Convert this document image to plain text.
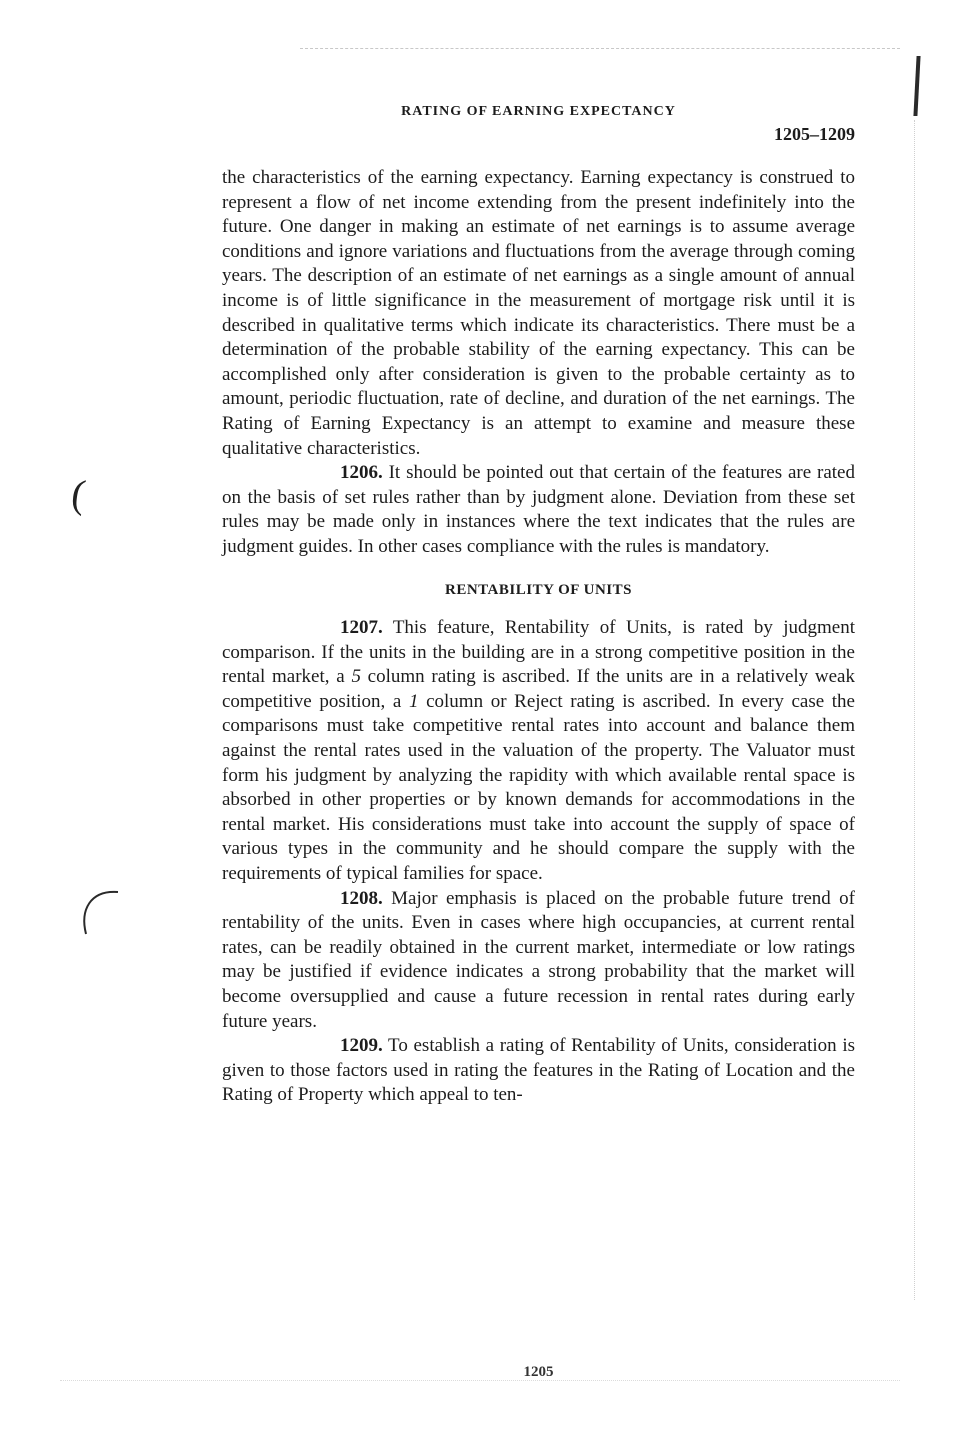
(
RATING OF EARNING EXPECTANCY
1205–1209

the characteristics of the earning expectancy. Earning expectancy is construed to represent a flow of net income extending from the present indefinitely into the future. One danger in making an estimate of net earnings is to assume average conditions and ignore variations and fluctuations from the average through coming years. The description of an estimate of net earnings as a single amount of annual income is of little significance in the measurement of mortgage risk until it is described in qualitative terms which indicate its characteristics. There must be a determination of the probable stability of the earning expectancy. This can be accomplished only after consideration is given to the probable certainty as to amount, periodic fluctuation, rate of decline, and duration of the net earnings. The Rating of Earning Expectancy is an attempt to examine and measure these qualitative characteristics.

1206. It should be pointed out that certain of the features are rated on the basis of set rules rather than by judgment alone. Deviation from these set rules may be made only in instances where the text indicates that the rules are judgment guides. In other cases compliance with the rules is mandatory.

RENTABILITY OF UNITS

1207. This feature, Rentability of Units, is rated by judgment comparison. If the units in the building are in a strong competitive position in the rental market, a 5 column rating is ascribed. If the units are in a relatively weak competitive position, a 1 column or Reject rating is ascribed. In every case the comparisons must take competitive rental rates into account and balance them against the rental rates used in the valuation of the property. The Valuator must form his judgment by analyzing the rapidity with which available rental space is absorbed in other properties or by known demands for accommodations in the rental market. His considerations must take into account the supply of space of various types in the community and he should compare the supply with the requirements of typical families for space.

1208. Major emphasis is placed on the probable future trend of rentability of the units. Even in cases where high occupancies, at current rental rates, can be readily obtained in the current market, intermediate or low ratings may be justified if evidence indicates a strong probability that the market will become oversupplied and cause a future recession in rental rates during early future years.

1209. To establish a rating of Rentability of Units, consideration is given to those factors used in rating the features in the Rating of Location and the Rating of Property which appeal to ten-

1205
